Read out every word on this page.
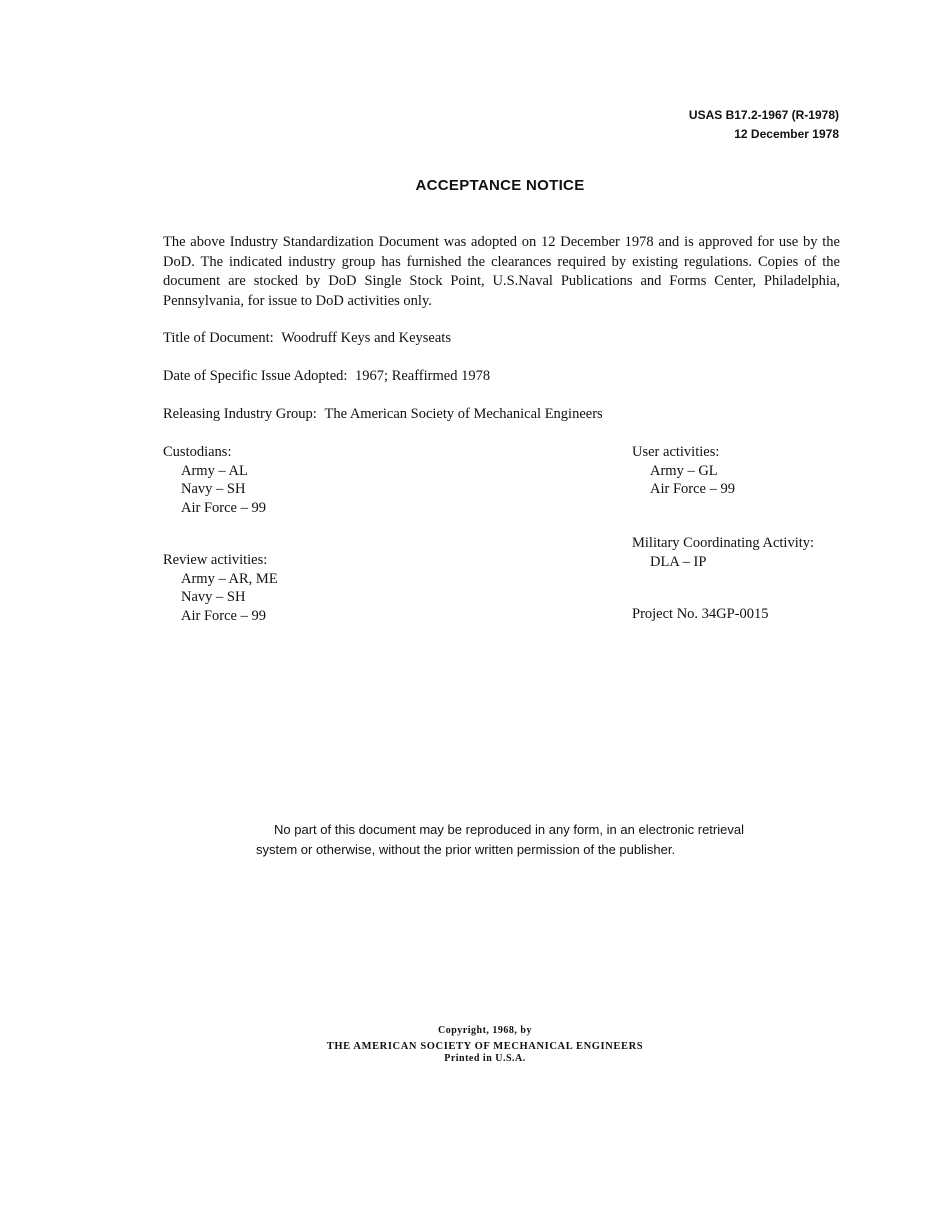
USAS B17.2-1967 (R-1978)
12 December 1978
ACCEPTANCE NOTICE
The above Industry Standardization Document was adopted on 12 December 1978 and is approved for use by the DoD. The indicated industry group has furnished the clearances required by existing regulations. Copies of the document are stocked by DoD Single Stock Point, U.S.Naval Publications and Forms Center, Philadelphia, Pennsylvania, for issue to DoD activities only.
Title of Document: Woodruff Keys and Keyseats
Date of Specific Issue Adopted: 1967; Reaffirmed 1978
Releasing Industry Group: The American Society of Mechanical Engineers
Custodians:
Army – AL
Navy – SH
Air Force – 99
Review activities:
Army – AR, ME
Navy – SH
Air Force – 99
User activities:
Army – GL
Air Force – 99
Military Coordinating Activity:
DLA – IP
Project No. 34GP-0015
No part of this document may be reproduced in any form, in an electronic retrieval system or otherwise, without the prior written permission of the publisher.
Copyright, 1968, by
THE AMERICAN SOCIETY OF MECHANICAL ENGINEERS
Printed in U.S.A.
